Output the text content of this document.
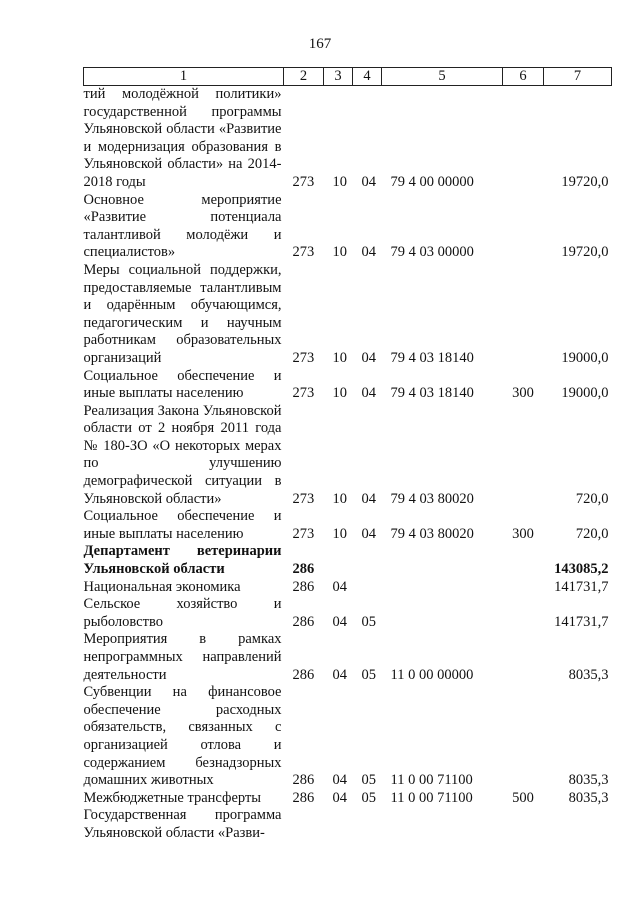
167
1	2	3	4	5	6	7
тий молодёжной политики» государственной программы Ульяновской области «Развитие и модернизация образования в Ульяновской области» на 2014-2018 годы	273	10	04	79 4 00 00000		19720,0
Основное мероприятие «Развитие потенциала талантливой молодёжи и специалистов»	273	10	04	79 4 03 00000		19720,0
Меры социальной поддержки, предоставляемые талантливым и одарённым обучающимся, педагогическим и научным работникам образовательных организаций	273	10	04	79 4 03 18140		19000,0
Социальное обеспечение и иные выплаты населению	273	10	04	79 4 03 18140	300	19000,0
Реализация Закона Ульяновской области от 2 ноября 2011 года № 180-ЗО «О некоторых мерах по улучшению демографической ситуации в Ульяновской области»	273	10	04	79 4 03 80020		720,0
Социальное обеспечение и иные выплаты населению	273	10	04	79 4 03 80020	300	720,0
Департамент ветеринарии Ульяновской области	286					143085,2
Национальная экономика	286	04				141731,7
Сельское хозяйство и рыболовство	286	04	05			141731,7
Мероприятия в рамках непрограммных направлений деятельности	286	04	05	11 0 00 00000		8035,3
Субвенции на финансовое обеспечение расходных обязательств, связанных с организацией отлова и содержанием безнадзорных домашних животных	286	04	05	11 0 00 71100		8035,3
Межбюджетные трансферты	286	04	05	11 0 00 71100	500	8035,3
Государственная программа Ульяновской области «Разви-						
